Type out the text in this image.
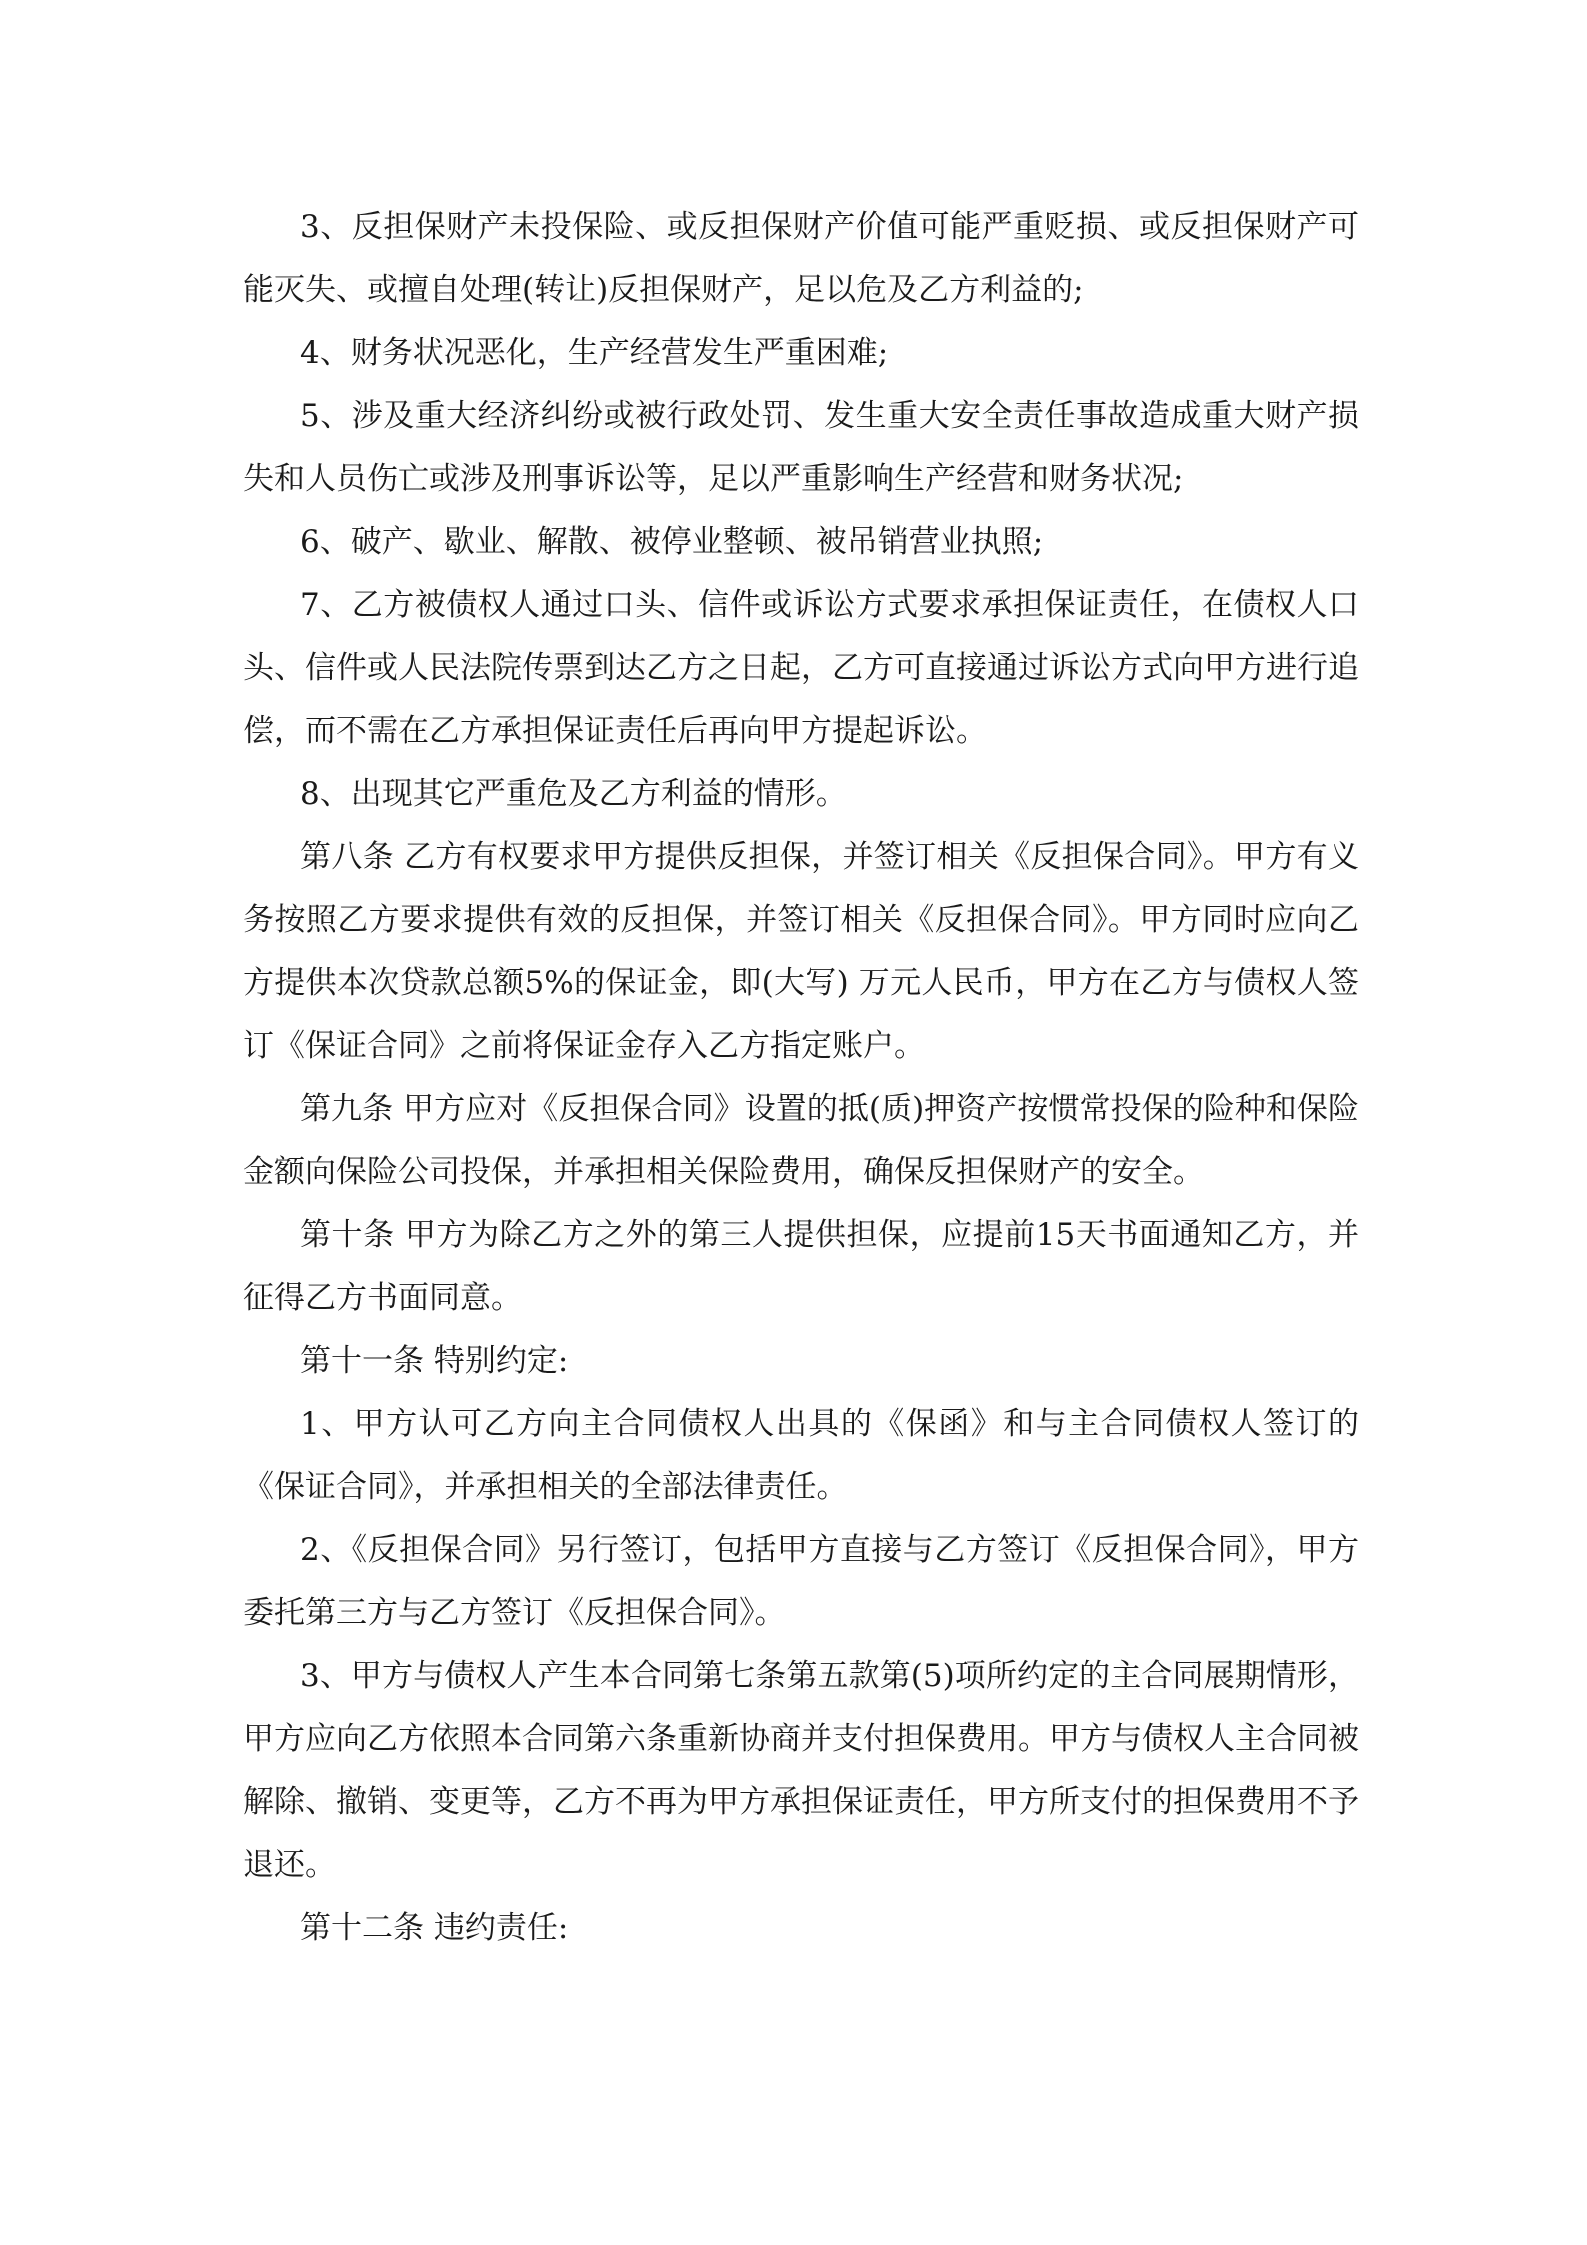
3、反担保财产未投保险、或反担保财产价值可能严重贬损、或反担保财产可能灭失、或擅自处理(转让)反担保财产，足以危及乙方利益的;

4、财务状况恶化，生产经营发生严重困难;

5、涉及重大经济纠纷或被行政处罚、发生重大安全责任事故造成重大财产损失和人员伤亡或涉及刑事诉讼等，足以严重影响生产经营和财务状况;

6、破产、歇业、解散、被停业整顿、被吊销营业执照;

7、乙方被债权人通过口头、信件或诉讼方式要求承担保证责任，在债权人口头、信件或人民法院传票到达乙方之日起，乙方可直接通过诉讼方式向甲方进行追偿，而不需在乙方承担保证责任后再向甲方提起诉讼。

8、出现其它严重危及乙方利益的情形。

第八条 乙方有权要求甲方提供反担保，并签订相关《反担保合同》。甲方有义务按照乙方要求提供有效的反担保，并签订相关《反担保合同》。甲方同时应向乙方提供本次贷款总额5%的保证金，即(大写) 万元人民币，甲方在乙方与债权人签订《保证合同》之前将保证金存入乙方指定账户。

第九条 甲方应对《反担保合同》设置的抵(质)押资产按惯常投保的险种和保险金额向保险公司投保，并承担相关保险费用，确保反担保财产的安全。

第十条 甲方为除乙方之外的第三人提供担保，应提前15天书面通知乙方，并征得乙方书面同意。

第十一条 特别约定:

1、甲方认可乙方向主合同债权人出具的《保函》和与主合同债权人签订的《保证合同》，并承担相关的全部法律责任。

2、《反担保合同》另行签订，包括甲方直接与乙方签订《反担保合同》，甲方委托第三方与乙方签订《反担保合同》。

3、甲方与债权人产生本合同第七条第五款第(5)项所约定的主合同展期情形，甲方应向乙方依照本合同第六条重新协商并支付担保费用。甲方与债权人主合同被解除、撤销、变更等，乙方不再为甲方承担保证责任，甲方所支付的担保费用不予退还。

第十二条 违约责任:
